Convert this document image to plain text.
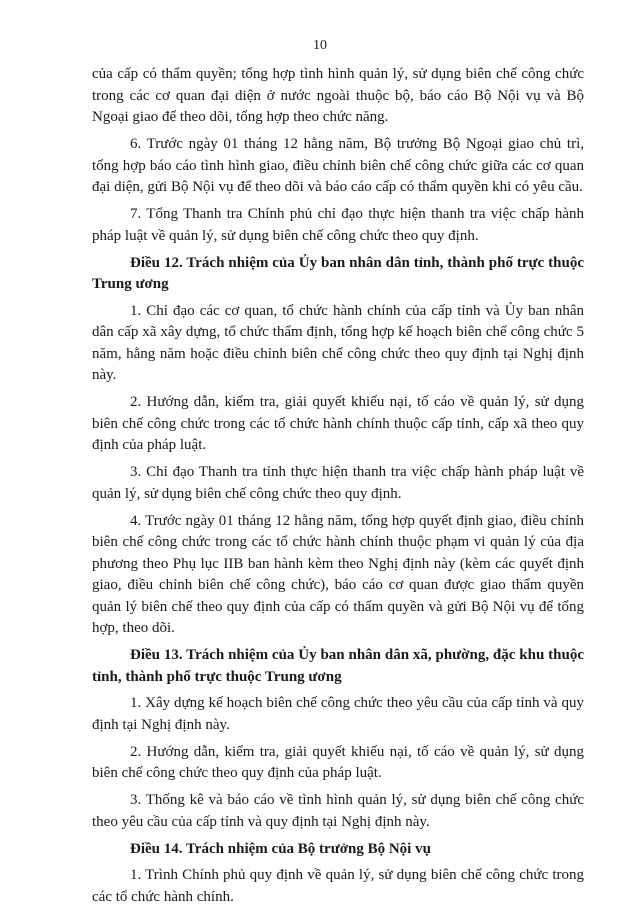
10

của cấp có thẩm quyền; tổng hợp tình hình quản lý, sử dụng biên chế công chức trong các cơ quan đại diện ở nước ngoài thuộc bộ, báo cáo Bộ Nội vụ và Bộ Ngoại giao để theo dõi, tổng hợp theo chức năng.

6. Trước ngày 01 tháng 12 hằng năm, Bộ trưởng Bộ Ngoại giao chủ trì, tổng hợp báo cáo tình hình giao, điều chỉnh biên chế công chức giữa các cơ quan đại diện, gửi Bộ Nội vụ để theo dõi và báo cáo cấp có thẩm quyền khi có yêu cầu.

7. Tổng Thanh tra Chính phủ chỉ đạo thực hiện thanh tra việc chấp hành pháp luật về quản lý, sử dụng biên chế công chức theo quy định.

Điều 12. Trách nhiệm của Ủy ban nhân dân tỉnh, thành phố trực thuộc Trung ương

1. Chỉ đạo các cơ quan, tổ chức hành chính của cấp tỉnh và Ủy ban nhân dân cấp xã xây dựng, tổ chức thẩm định, tổng hợp kế hoạch biên chế công chức 5 năm, hằng năm hoặc điều chỉnh biên chế công chức theo quy định tại Nghị định này.

2. Hướng dẫn, kiểm tra, giải quyết khiếu nại, tố cáo về quản lý, sử dụng biên chế công chức trong các tổ chức hành chính thuộc cấp tỉnh, cấp xã theo quy định của pháp luật.

3. Chỉ đạo Thanh tra tỉnh thực hiện thanh tra việc chấp hành pháp luật về quản lý, sử dụng biên chế công chức theo quy định.

4. Trước ngày 01 tháng 12 hằng năm, tổng hợp quyết định giao, điều chỉnh biên chế công chức trong các tổ chức hành chính thuộc phạm vi quản lý của địa phương theo Phụ lục IIB ban hành kèm theo Nghị định này (kèm các quyết định giao, điều chỉnh biên chế công chức), báo cáo cơ quan được giao thẩm quyền quản lý biên chế theo quy định của cấp có thẩm quyền và gửi Bộ Nội vụ để tổng hợp, theo dõi.

Điều 13. Trách nhiệm của Ủy ban nhân dân xã, phường, đặc khu thuộc tỉnh, thành phố trực thuộc Trung ương

1. Xây dựng kế hoạch biên chế công chức theo yêu cầu của cấp tỉnh và quy định tại Nghị định này.

2. Hướng dẫn, kiểm tra, giải quyết khiếu nại, tố cáo về quản lý, sử dụng biên chế công chức theo quy định của pháp luật.

3. Thống kê và báo cáo về tình hình quản lý, sử dụng biên chế công chức theo yêu cầu của cấp tỉnh và quy định tại Nghị định này.

Điều 14. Trách nhiệm của Bộ trưởng Bộ Nội vụ

1. Trình Chính phủ quy định về quản lý, sử dụng biên chế công chức trong các tổ chức hành chính.
